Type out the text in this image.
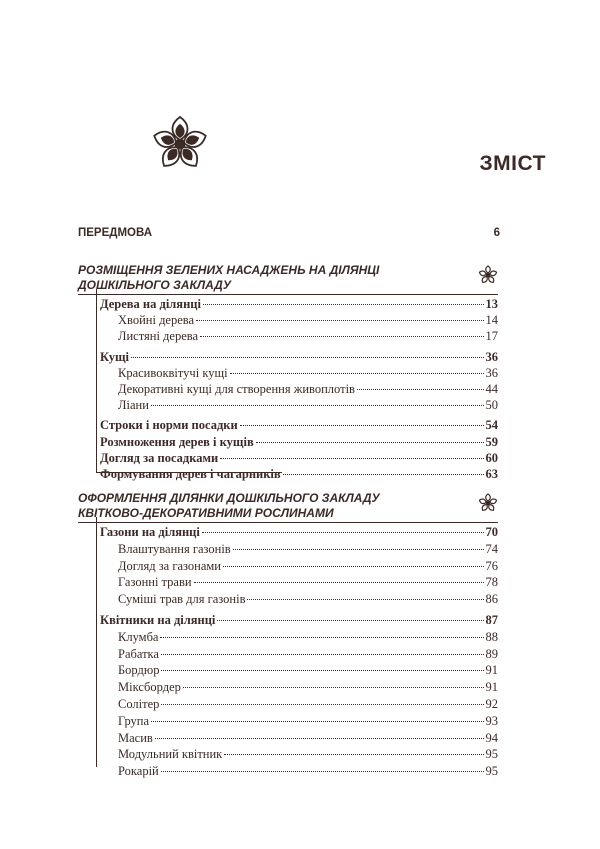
ЗМІСТ
ПЕРЕДМОВА	6
РОЗМІЩЕННЯ ЗЕЛЕНИХ НАСАДЖЕНЬ НА ДІЛЯНЦІ
ДОШКІЛЬНОГО ЗАКЛАДУ
ОФОРМЛЕННЯ ДІЛЯНКИ ДОШКІЛЬНОГО ЗАКЛАДУ
КВІТКОВО-ДЕКОРАТИВНИМИ РОСЛИНАМИ
Дерева на ділянці	13
Хвойні дерева	14
Листяні дерева	17
Кущі	36
Красивоквітучі кущі	36
Декоративні кущі для створення живоплотів	44
Ліани	50
Строки і норми посадки	54
Розмноження дерев і кущів	59
Догляд за посадками	60
Формування дерев і чагарників	63
Газони на ділянці	70
Влаштування газонів	74
Догляд за газонами	76
Газонні трави	78
Суміші трав для газонів	86
Квітники на ділянці	87
Клумба	88
Рабатка	89
Бордюр	91
Міксбордер	91
Солітер	92
Група	93
Масив	94
Модульний квітник	95
Рокарій	95
